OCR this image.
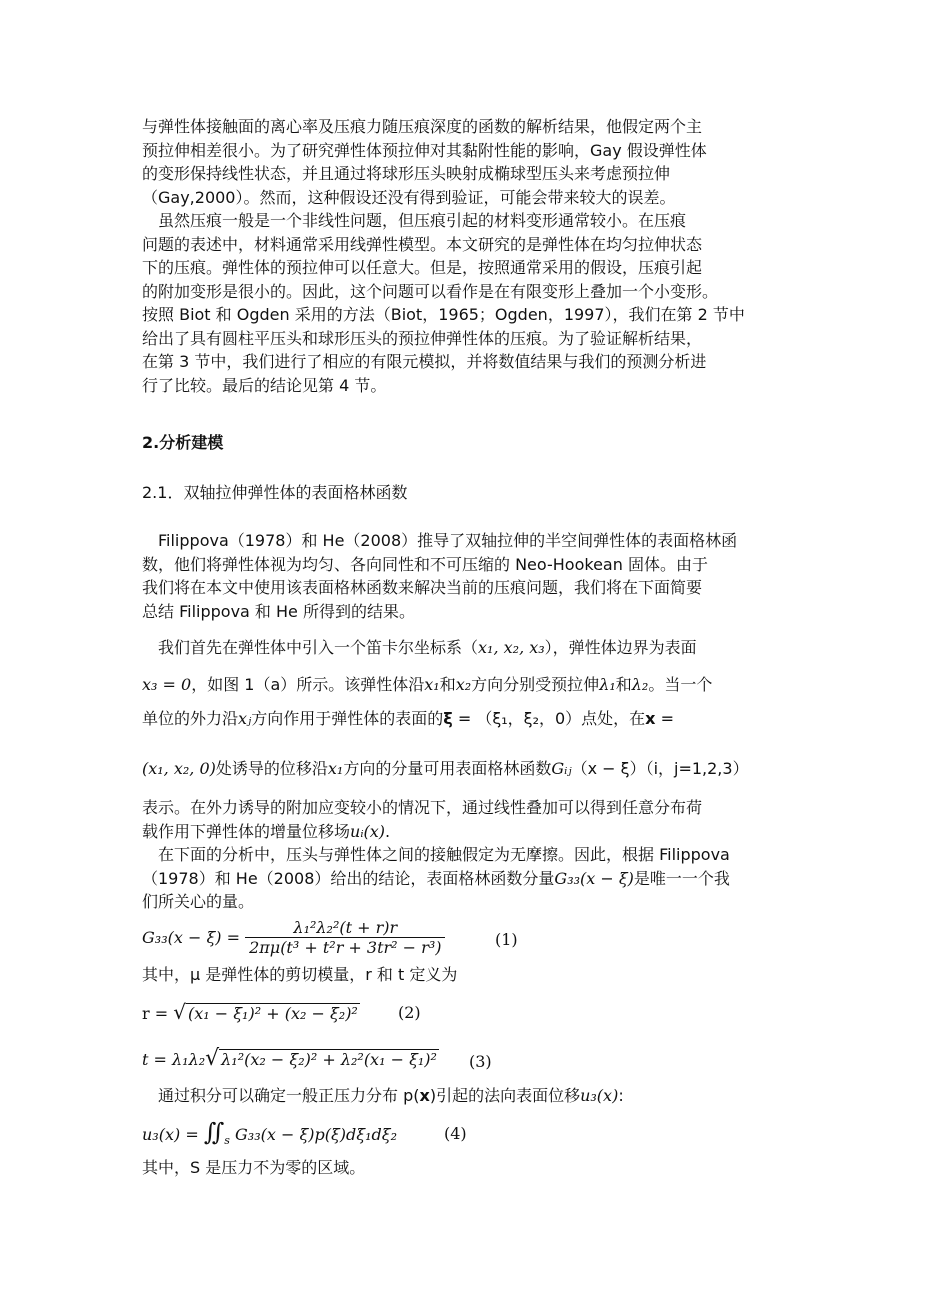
与弹性体接触面的离心率及压痕力随压痕深度的函数的解析结果，他假定两个主
预拉伸相差很小。为了研究弹性体预拉伸对其黏附性能的影响，Gay 假设弹性体
的变形保持线性状态，并且通过将球形压头映射成椭球型压头来考虑预拉伸
（Gay,2000）。然而，这种假设还没有得到验证，可能会带来较大的误差。
　虽然压痕一般是一个非线性问题，但压痕引起的材料变形通常较小。在压痕
问题的表述中，材料通常采用线弹性模型。本文研究的是弹性体在均匀拉伸状态
下的压痕。弹性体的预拉伸可以任意大。但是，按照通常采用的假设，压痕引起
的附加变形是很小的。因此，这个问题可以看作是在有限变形上叠加一个小变形。
按照 Biot 和 Ogden 采用的方法（Biot，1965；Ogden，1997），我们在第 2 节中
给出了具有圆柱平压头和球形压头的预拉伸弹性体的压痕。为了验证解析结果，
在第 3 节中，我们进行了相应的有限元模拟，并将数值结果与我们的预测分析进
行了比较。最后的结论见第 4 节。
2.分析建模
2.1．双轴拉伸弹性体的表面格林函数
　Filippova（1978）和 He（2008）推导了双轴拉伸的半空间弹性体的表面格林函
数，他们将弹性体视为均匀、各向同性和不可压缩的 Neo-Hookean 固体。由于
我们将在本文中使用该表面格林函数来解决当前的压痕问题，我们将在下面简要
总结 Filippova 和 He 所得到的结果。
　我们首先在弹性体中引入一个笛卡尔坐标系（x₁, x₂, x₃），弹性体边界为表面
x₃ = 0，如图 1（a）所示。该弹性体沿x₁和x₂方向分别受预拉伸λ₁和λ₂。当一个
单位的外力沿xⱼ方向作用于弹性体的表面的ξ = （ξ₁，ξ₂，0）点处，在x =
(x₁, x₂, 0)处诱导的位移沿x₁方向的分量可用表面格林函数Gᵢⱼ（x − ξ）（i，j=1,2,3）
表示。在外力诱导的附加应变较小的情况下，通过线性叠加可以得到任意分布荷
载作用下弹性体的增量位移场uᵢ(x).
　在下面的分析中，压头与弹性体之间的接触假定为无摩擦。因此，根据 Filippova
（1978）和 He（2008）给出的结论，表面格林函数分量G₃₃(x − ξ)是唯一一个我
们所关心的量。
$G_{33}(x - \xi) = \frac{\text{λ₁²λ₂²(t + r)r}}{\text{2πμ(t³ + t²r + 3tr² − r³)}}$	(1)
其中，μ 是弹性体的剪切模量，r 和 t 定义为
r = √ (x₁ − ξ₁)² + (x₂ − ξ₂)²	(2)
t = λ₁λ₂√ λ₁²(x₂ − ξ₂)² + λ₂²(x₁ − ξ₁)² (3)
　通过积分可以确定一般正压力分布 p(x)引起的法向表面位移u₃(x):
$u_3(x) = ∬_s$ G₃₃(x − ξ)p(ξ)dξ₁dξ₂	(4)
其中，S 是压力不为零的区域。
